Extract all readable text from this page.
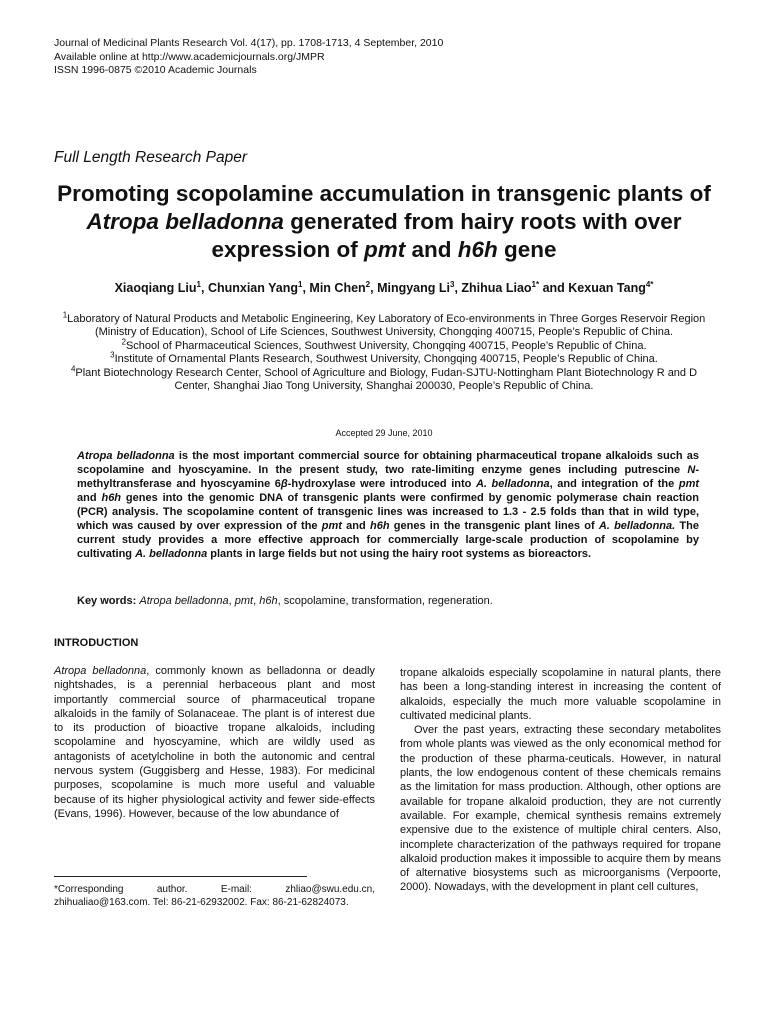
Journal of Medicinal Plants Research Vol. 4(17), pp. 1708-1713, 4 September, 2010
Available online at http://www.academicjournals.org/JMPR
ISSN 1996-0875 ©2010 Academic Journals
Full Length Research Paper
Promoting scopolamine accumulation in transgenic plants of Atropa belladonna generated from hairy roots with over expression of pmt and h6h gene
Xiaoqiang Liu$^1$, Chunxian Yang$^1$, Min Chen$^2$, Mingyang Li$^3$, Zhihua Liao$^{1*}$ and Kexuan Tang$^{4*}$
$^1$Laboratory of Natural Products and Metabolic Engineering, Key Laboratory of Eco-environments in Three Gorges Reservoir Region (Ministry of Education), School of Life Sciences, Southwest University, Chongqing 400715, People’s Republic of China.
$^2$School of Pharmaceutical Sciences, Southwest University, Chongqing 400715, People’s Republic of China.
$^3$Institute of Ornamental Plants Research, Southwest University, Chongqing 400715, People’s Republic of China.
$^4$Plant Biotechnology Research Center, School of Agriculture and Biology, Fudan-SJTU-Nottingham Plant Biotechnology R and D Center, Shanghai Jiao Tong University, Shanghai 200030, People’s Republic of China.
Accepted 29 June, 2010
Atropa belladonna is the most important commercial source for obtaining pharmaceutical tropane alkaloids such as scopolamine and hyoscyamine. In the present study, two rate-limiting enzyme genes including putrescine N-methyltransferase and hyoscyamine 6β-hydroxylase were introduced into A. belladonna, and integration of the pmt and h6h genes into the genomic DNA of transgenic plants were confirmed by genomic polymerase chain reaction (PCR) analysis. The scopolamine content of transgenic lines was increased to 1.3 - 2.5 folds than that in wild type, which was caused by over expression of the pmt and h6h genes in the transgenic plant lines of A. belladonna. The current study provides a more effective approach for commercially large-scale production of scopolamine by cultivating A. belladonna plants in large fields but not using the hairy root systems as bioreactors.
Key words: Atropa belladonna, pmt, h6h, scopolamine, transformation, regeneration.
INTRODUCTION
Atropa belladonna, commonly known as belladonna or deadly nightshades, is a perennial herbaceous plant and most importantly commercial source of pharmaceutical tropane alkaloids in the family of Solanaceae. The plant is of interest due to its production of bioactive tropane alkaloids, including scopolamine and hyoscyamine, which are wildly used as antagonists of acetylcholine in both the autonomic and central nervous system (Guggisberg and Hesse, 1983). For medicinal purposes, scopolamine is much more useful and valuable because of its higher physiological activity and fewer side-effects (Evans, 1996). However, because of the low abundance of
tropane alkaloids especially scopolamine in natural plants, there has been a long-standing interest in increasing the content of alkaloids, especially the much more valuable scopolamine in cultivated medicinal plants.
Over the past years, extracting these secondary metabolites from whole plants was viewed as the only economical method for the production of these pharma-ceuticals. However, in natural plants, the low endogenous content of these chemicals remains as the limitation for mass production. Although, other options are available for tropane alkaloid production, they are not currently available. For example, chemical synthesis remains extremely expensive due to the existence of multiple chiral centers. Also, incomplete characterization of the pathways required for tropane alkaloid production makes it impossible to acquire them by means of alternative biosystems such as microorganisms (Verpoorte, 2000). Nowadays, with the development in plant cell cultures,
*Corresponding author. E-mail: zhliao@swu.edu.cn, zhihualiao@163.com. Tel: 86-21-62932002. Fax: 86-21-62824073.
